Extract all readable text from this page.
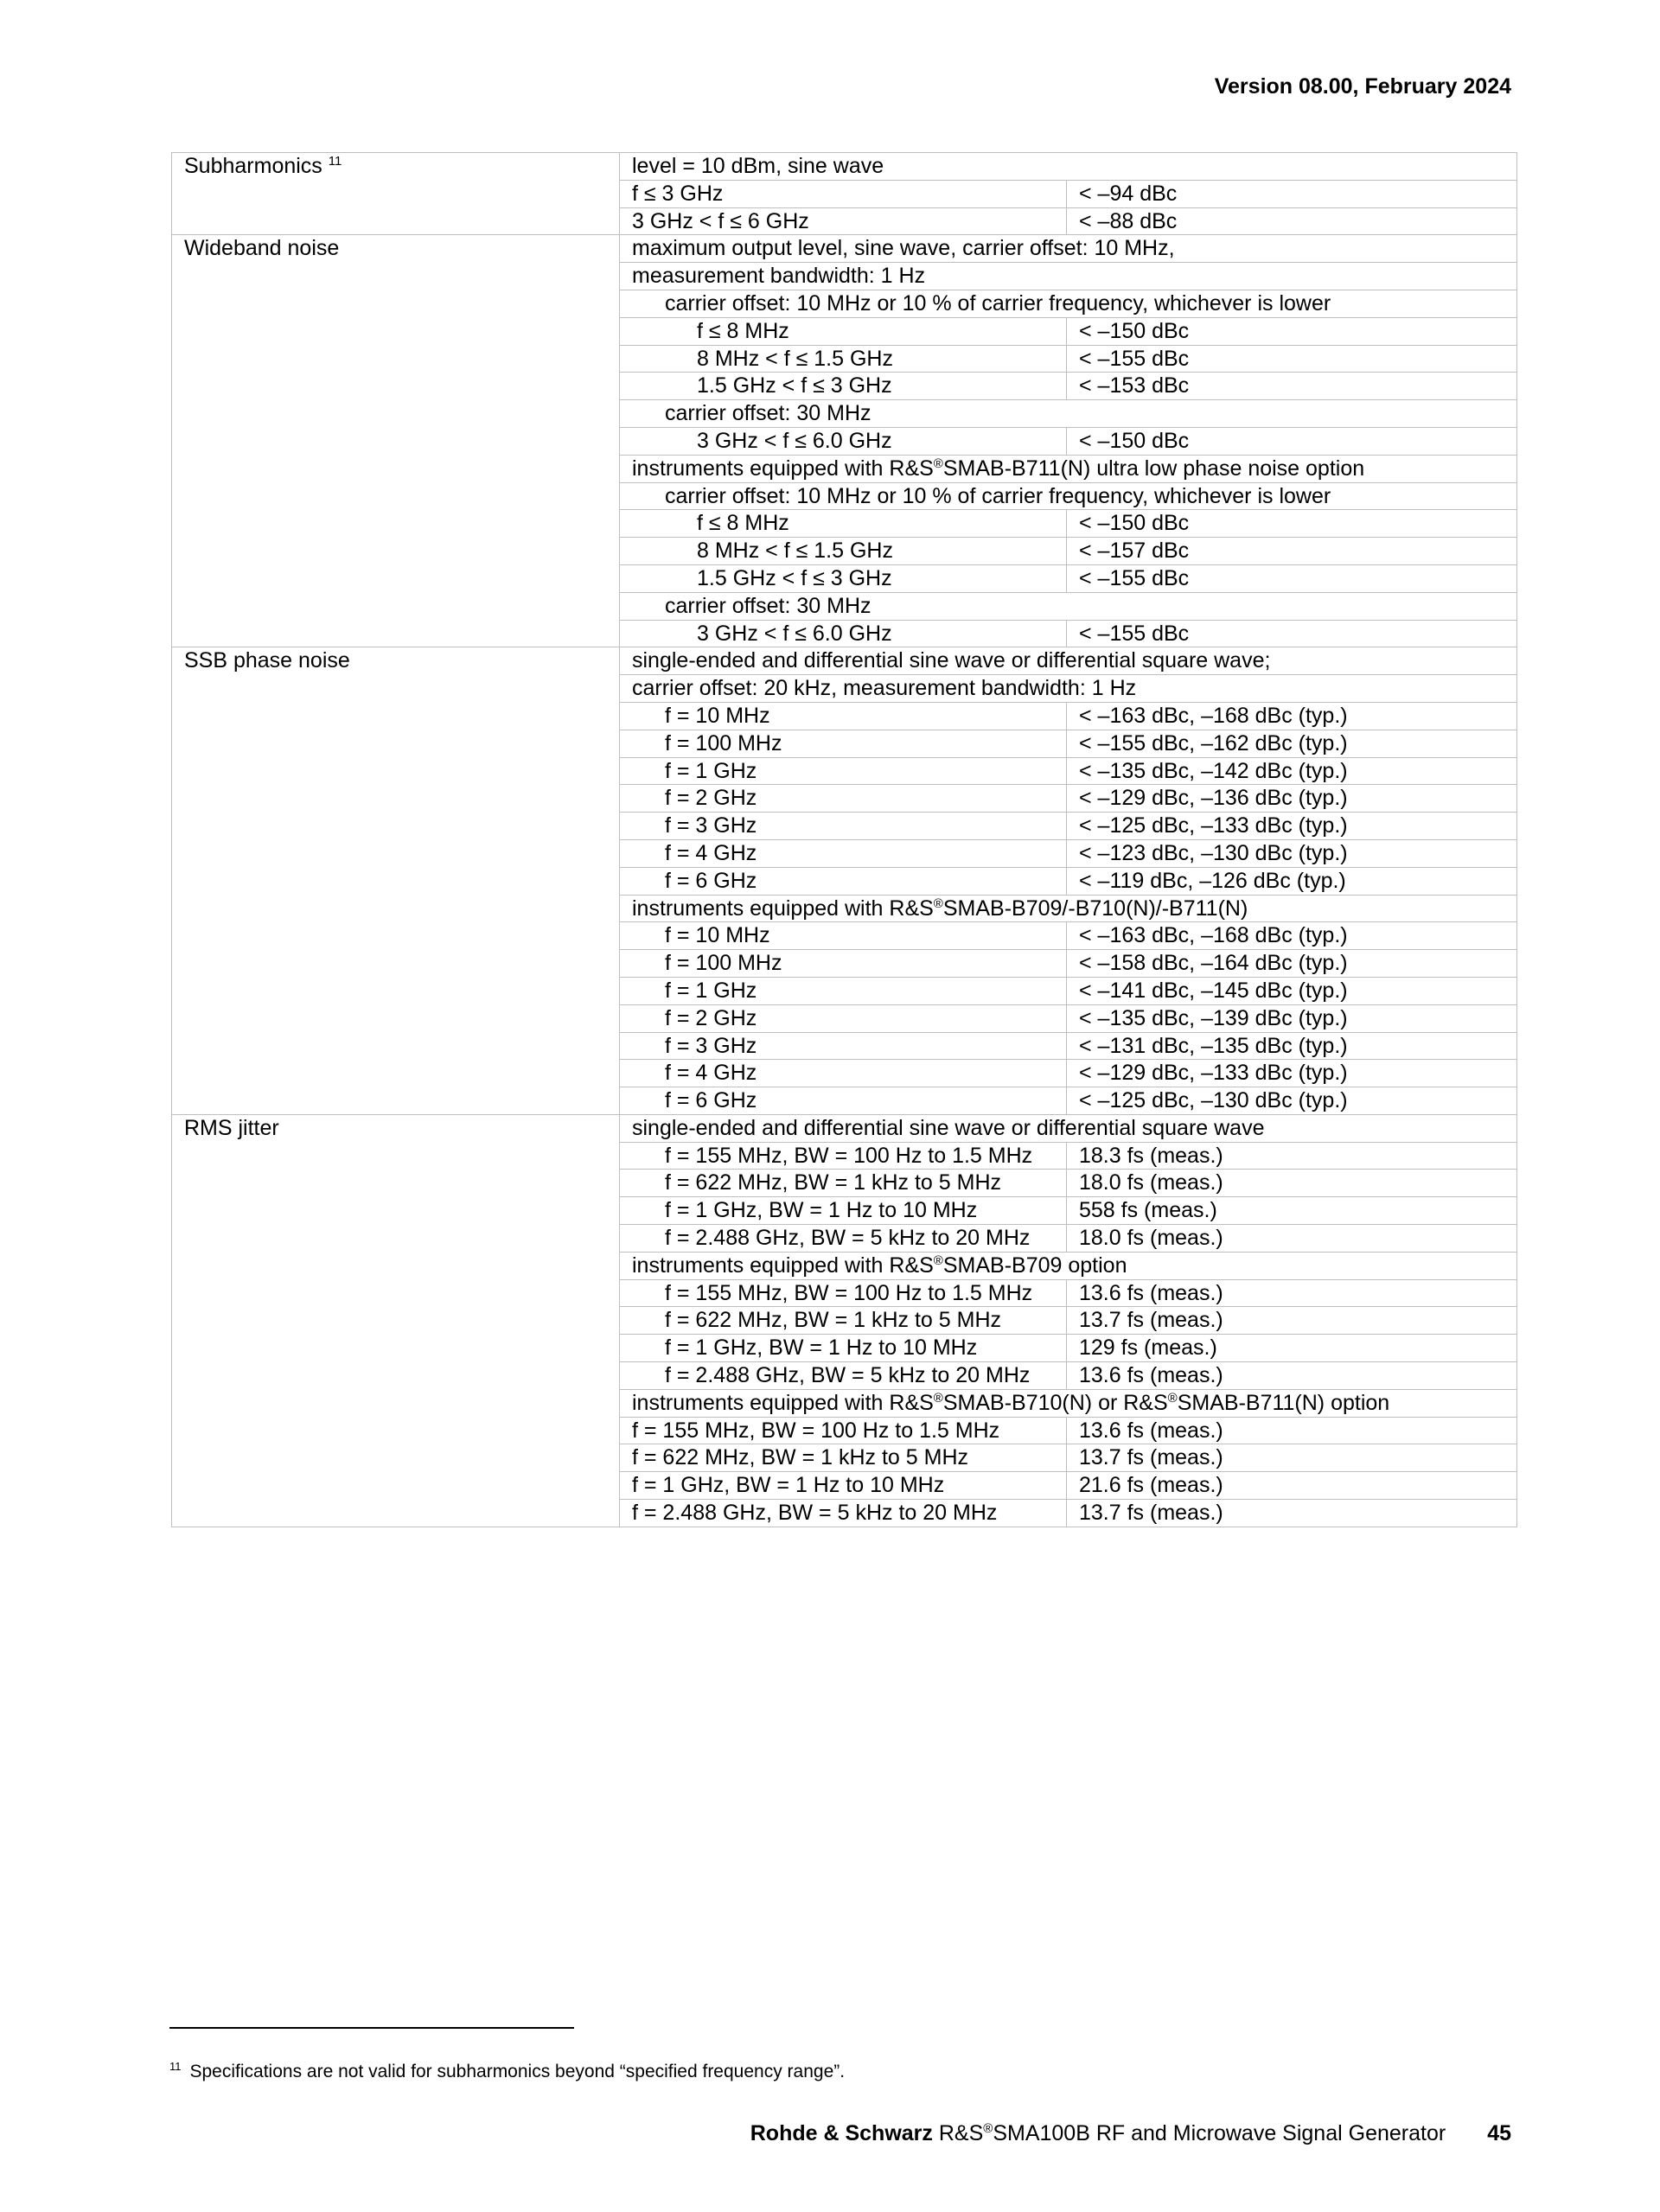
Version 08.00, February 2024
Subharmonics $^{11}$	level = 10 dBm, sine wave	
	f ≤ 3 GHz	< –94 dBc
	3 GHz < f ≤ 6 GHz	< –88 dBc
Wideband noise	maximum output level, sine wave, carrier offset: 10 MHz,	
	measurement bandwidth: 1 Hz	
	carrier offset: 10 MHz or 10 % of carrier frequency, whichever is lower	
	f ≤ 8 MHz	< –150 dBc
	8 MHz < f ≤ 1.5 GHz	< –155 dBc
	1.5 GHz < f ≤ 3 GHz	< –153 dBc
	carrier offset: 30 MHz	
	3 GHz < f ≤ 6.0 GHz	< –150 dBc
	instruments equipped with R&S®SMAB-B711(N) ultra low phase noise option	
	carrier offset: 10 MHz or 10 % of carrier frequency, whichever is lower	
	f ≤ 8 MHz	< –150 dBc
	8 MHz < f ≤ 1.5 GHz	< –157 dBc
	1.5 GHz < f ≤ 3 GHz	< –155 dBc
	carrier offset: 30 MHz	
	3 GHz < f ≤ 6.0 GHz	< –155 dBc
SSB phase noise	single-ended and differential sine wave or differential square wave;	
	carrier offset: 20 kHz, measurement bandwidth: 1 Hz	
	f = 10 MHz	< –163 dBc, –168 dBc (typ.)
	f = 100 MHz	< –155 dBc, –162 dBc (typ.)
	f = 1 GHz	< –135 dBc, –142 dBc (typ.)
	f = 2 GHz	< –129 dBc, –136 dBc (typ.)
	f = 3 GHz	< –125 dBc, –133 dBc (typ.)
	f = 4 GHz	< –123 dBc, –130 dBc (typ.)
	f = 6 GHz	< –119 dBc, –126 dBc (typ.)
	instruments equipped with R&S®SMAB-B709/-B710(N)/-B711(N)	
	f = 10 MHz	< –163 dBc, –168 dBc (typ.)
	f = 100 MHz	< –158 dBc, –164 dBc (typ.)
	f = 1 GHz	< –141 dBc, –145 dBc (typ.)
	f = 2 GHz	< –135 dBc, –139 dBc (typ.)
	f = 3 GHz	< –131 dBc, –135 dBc (typ.)
	f = 4 GHz	< –129 dBc, –133 dBc (typ.)
	f = 6 GHz	< –125 dBc, –130 dBc (typ.)
RMS jitter	single-ended and differential sine wave or differential square wave	
	f = 155 MHz, BW = 100 Hz to 1.5 MHz	18.3 fs (meas.)
	f = 622 MHz, BW = 1 kHz to 5 MHz	18.0 fs (meas.)
	f = 1 GHz, BW = 1 Hz to 10 MHz	558 fs (meas.)
	f = 2.488 GHz, BW = 5 kHz to 20 MHz	18.0 fs (meas.)
	instruments equipped with R&S®SMAB-B709 option	
	f = 155 MHz, BW = 100 Hz to 1.5 MHz	13.6 fs (meas.)
	f = 622 MHz, BW = 1 kHz to 5 MHz	13.7 fs (meas.)
	f = 1 GHz, BW = 1 Hz to 10 MHz	129 fs (meas.)
	f = 2.488 GHz, BW = 5 kHz to 20 MHz	13.6 fs (meas.)
	instruments equipped with R&S®SMAB-B710(N) or R&S®SMAB-B711(N) option	
	f = 155 MHz, BW = 100 Hz to 1.5 MHz	13.6 fs (meas.)
	f = 622 MHz, BW = 1 kHz to 5 MHz	13.7 fs (meas.)
	f = 1 GHz, BW = 1 Hz to 10 MHz	21.6 fs (meas.)
	f = 2.488 GHz, BW = 5 kHz to 20 MHz	13.7 fs (meas.)
$^{11}$ Specifications are not valid for subharmonics beyond “specified frequency range”.
Rohde & Schwarz R&S®SMA100B RF and Microwave Signal Generator 45
